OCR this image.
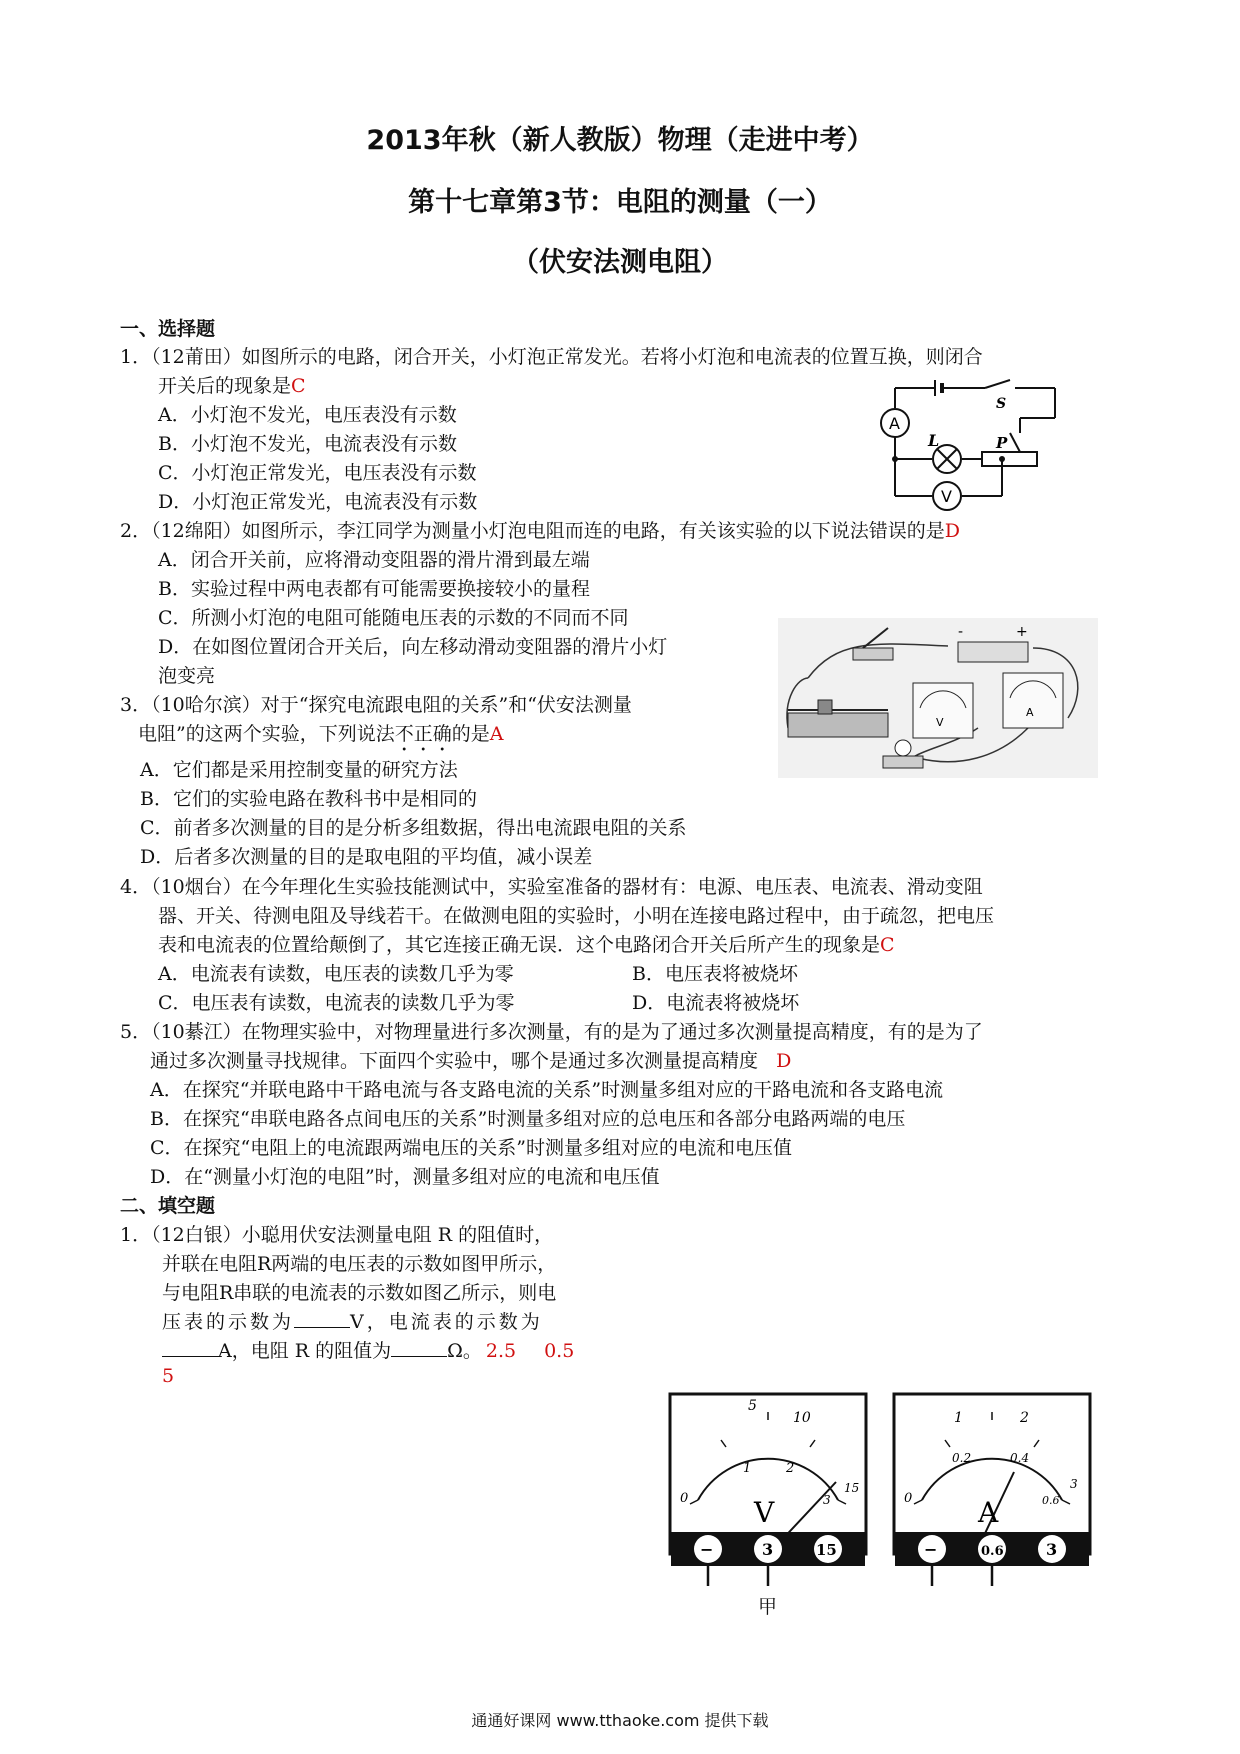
2013年秋（新人教版）物理（走进中考）
第十七章第3节：电阻的测量（一）
（伏安法测电阻）
一、选择题
1．（12莆田）如图所示的电路，闭合开关，小灯泡正常发光。若将小灯泡和电流表的位置互换，则闭合
开关后的现象是C
A．小灯泡不发光，电压表没有示数
B．小灯泡不发光，电流表没有示数
C．小灯泡正常发光，电压表没有示数
D．小灯泡正常发光，电流表没有示数
A
L
S
P
V
2．（12绵阳）如图所示，李江同学为测量小灯泡电阻而连的电路，有关该实验的以下说法错误的是D
A．闭合开关前，应将滑动变阻器的滑片滑到最左端
B．实验过程中两电表都有可能需要换接较小的量程
C．所测小灯泡的电阻可能随电压表的示数的不同而不同
D．在如图位置闭合开关后，向左移动滑动变阻器的滑片小灯
泡变亮
-	+
V
A
3．（10哈尔滨）对于“探究电流跟电阻的关系”和“伏安法测量
电阻”的这两个实验，下列说法不正确的是A
A．它们都是采用控制变量的研究方法
B．它们的实验电路在教科书中是相同的
C．前者多次测量的目的是分析多组数据，得出电流跟电阻的关系
D．后者多次测量的目的是取电阻的平均值，减小误差
4．（10烟台）在今年理化生实验技能测试中，实验室准备的器材有：电源、电压表、电流表、滑动变阻
器、开关、待测电阻及导线若干。在做测电阻的实验时，小明在连接电路过程中，由于疏忽，把电压
表和电流表的位置给颠倒了，其它连接正确无误．这个电路闭合开关后所产生的现象是C
A．电流表有读数，电压表的读数几乎为零	B．电压表将被烧坏
C．电压表有读数，电流表的读数几乎为零	D．电流表将被烧坏
5．（10綦江）在物理实验中，对物理量进行多次测量，有的是为了通过多次测量提高精度，有的是为了
通过多次测量寻找规律。下面四个实验中，哪个是通过多次测量提高精度 D
A．在探究“并联电路中干路电流与各支路电流的关系”时测量多组对应的干路电流和各支路电流
B．在探究“串联电路各点间电压的关系”时测量多组对应的总电压和各部分电路两端的电压
C．在探究“电阻上的电流跟两端电压的关系”时测量多组对应的电流和电压值
D．在“测量小灯泡的电阻”时，测量多组对应的电流和电压值
二、填空题
1．（12白银）小聪用伏安法测量电阻 R 的阻值时，
并联在电阻R两端的电压表的示数如图甲所示，
与电阻R串联的电流表的示数如图乙所示，则电
压表的示数为	V，电流表的示数为
A，电阻 R 的阻值为	Ω。 2.5 0.5
5
5
10
1	2
0
15
3
V
−	3	15
甲
1	2
0.2	0.4
0
3
0.6
A
−	0.6	3
通通好课网 www.tthaoke.com 提供下载
